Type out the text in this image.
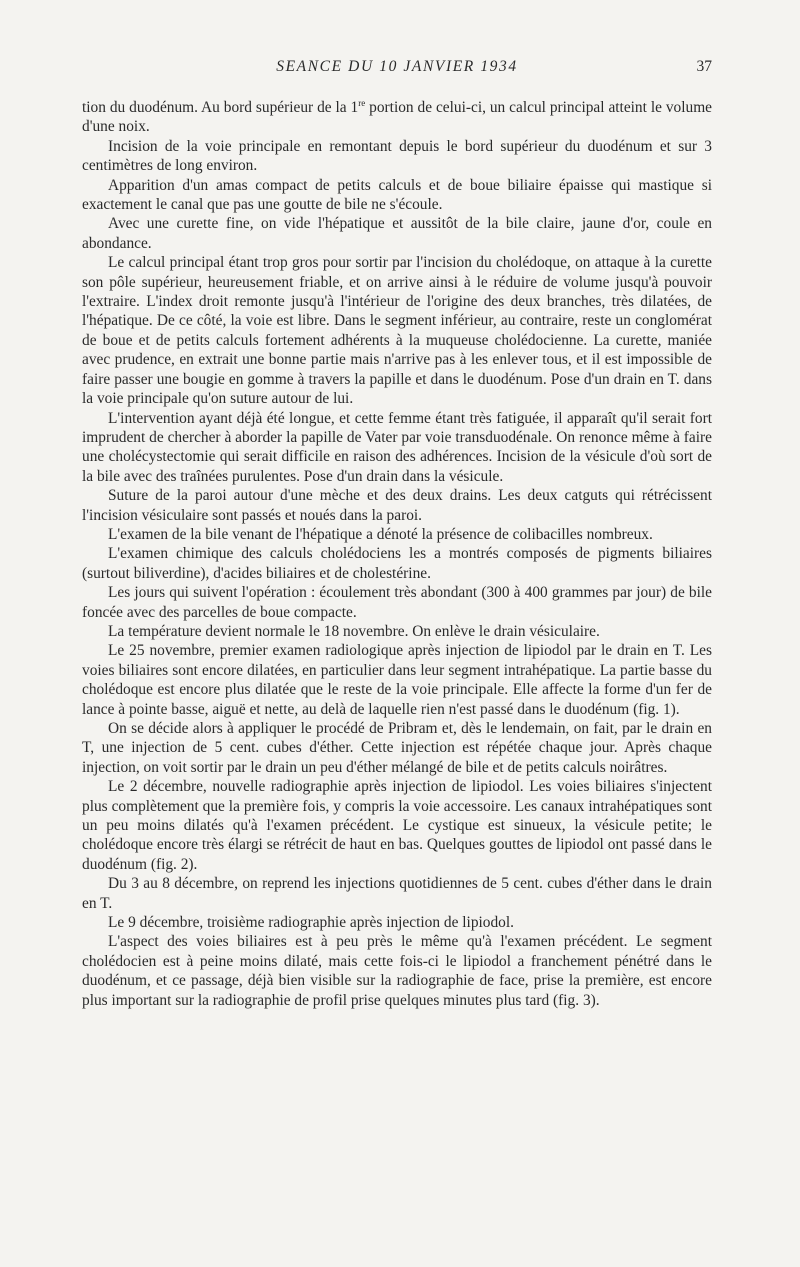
SEANCE DU 10 JANVIER 1934	37

tion du duodénum. Au bord supérieur de la 1re portion de celui-ci, un calcul principal atteint le volume d'une noix.

Incision de la voie principale en remontant depuis le bord supérieur du duodénum et sur 3 centimètres de long environ.

Apparition d'un amas compact de petits calculs et de boue biliaire épaisse qui mastique si exactement le canal que pas une goutte de bile ne s'écoule.

Avec une curette fine, on vide l'hépatique et aussitôt de la bile claire, jaune d'or, coule en abondance.

Le calcul principal étant trop gros pour sortir par l'incision du cholédoque, on attaque à la curette son pôle supérieur, heureusement friable, et on arrive ainsi à le réduire de volume jusqu'à pouvoir l'extraire. L'index droit remonte jusqu'à l'intérieur de l'origine des deux branches, très dilatées, de l'hépatique. De ce côté, la voie est libre. Dans le segment inférieur, au contraire, reste un conglomérat de boue et de petits calculs fortement adhérents à la muqueuse cholédocienne. La curette, maniée avec prudence, en extrait une bonne partie mais n'arrive pas à les enlever tous, et il est impossible de faire passer une bougie en gomme à travers la papille et dans le duodénum. Pose d'un drain en T. dans la voie principale qu'on suture autour de lui.

L'intervention ayant déjà été longue, et cette femme étant très fatiguée, il apparaît qu'il serait fort imprudent de chercher à aborder la papille de Vater par voie transduodénale. On renonce même à faire une cholécystectomie qui serait difficile en raison des adhérences. Incision de la vésicule d'où sort de la bile avec des traînées purulentes. Pose d'un drain dans la vésicule.

Suture de la paroi autour d'une mèche et des deux drains. Les deux catguts qui rétrécissent l'incision vésiculaire sont passés et noués dans la paroi.

L'examen de la bile venant de l'hépatique a dénoté la présence de colibacilles nombreux.

L'examen chimique des calculs cholédociens les a montrés composés de pigments biliaires (surtout biliverdine), d'acides biliaires et de cholestérine.

Les jours qui suivent l'opération : écoulement très abondant (300 à 400 grammes par jour) de bile foncée avec des parcelles de boue compacte.

La température devient normale le 18 novembre. On enlève le drain vésiculaire.

Le 25 novembre, premier examen radiologique après injection de lipiodol par le drain en T. Les voies biliaires sont encore dilatées, en particulier dans leur segment intrahépatique. La partie basse du cholédoque est encore plus dilatée que le reste de la voie principale. Elle affecte la forme d'un fer de lance à pointe basse, aiguë et nette, au delà de laquelle rien n'est passé dans le duodénum (fig. 1).

On se décide alors à appliquer le procédé de Pribram et, dès le lendemain, on fait, par le drain en T, une injection de 5 cent. cubes d'éther. Cette injection est répétée chaque jour. Après chaque injection, on voit sortir par le drain un peu d'éther mélangé de bile et de petits calculs noirâtres.

Le 2 décembre, nouvelle radiographie après injection de lipiodol. Les voies biliaires s'injectent plus complètement que la première fois, y compris la voie accessoire. Les canaux intrahépatiques sont un peu moins dilatés qu'à l'examen précédent. Le cystique est sinueux, la vésicule petite; le cholédoque encore très élargi se rétrécit de haut en bas. Quelques gouttes de lipiodol ont passé dans le duodénum (fig. 2).

Du 3 au 8 décembre, on reprend les injections quotidiennes de 5 cent. cubes d'éther dans le drain en T.

Le 9 décembre, troisième radiographie après injection de lipiodol.

L'aspect des voies biliaires est à peu près le même qu'à l'examen précédent. Le segment cholédocien est à peine moins dilaté, mais cette fois-ci le lipiodol a franchement pénétré dans le duodénum, et ce passage, déjà bien visible sur la radiographie de face, prise la première, est encore plus important sur la radiographie de profil prise quelques minutes plus tard (fig. 3).
